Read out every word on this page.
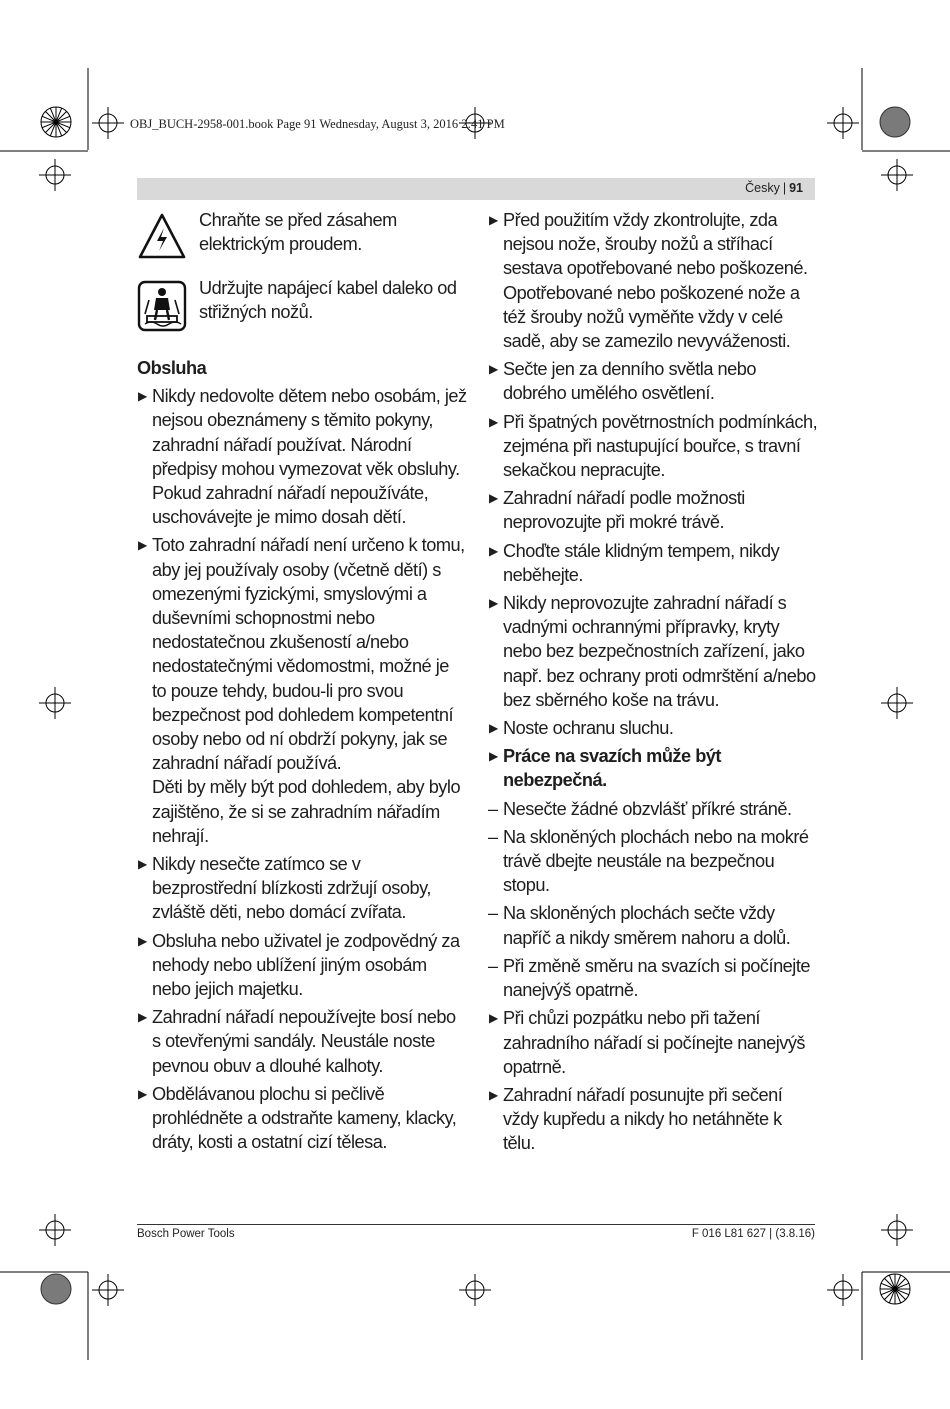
OBJ_BUCH-2958-001.book Page 91 Wednesday, August 3, 2016 2:41 PM
Česky | 91
Chraňte se před zásahem elektrickým proudem.
Udržujte napájecí kabel daleko od střižných nožů.
Obsluha
▶ Nikdy nedovolte dětem nebo osobám, jež nejsou obeznámeny s těmito pokyny, zahradní nářadí používat. Národní předpisy mohou vymezovat věk obsluhy. Pokud zahradní nářadí nepoužíváte, uschovávejte je mimo dosah dětí.
▶ Toto zahradní nářadí není určeno k tomu, aby jej používaly osoby (včetně dětí) s omezenými fyzickými, smyslovými a duševními schopnostmi nebo nedostatečnou zkušeností a/nebo nedostatečnými vědomostmi, možné je to pouze tehdy, budou-li pro svou bezpečnost pod dohledem kompetentní osoby nebo od ní obdrží pokyny, jak se zahradní nářadí používá.
Děti by měly být pod dohledem, aby bylo zajištěno, že si se zahradním nářadím nehrají.
▶ Nikdy nesečte zatímco se v bezprostřední blízkosti zdržují osoby, zvláště děti, nebo domácí zvířata.
▶ Obsluha nebo uživatel je zodpovědný za nehody nebo ublížení jiným osobám nebo jejich majetku.
▶ Zahradní nářadí nepoužívejte bosí nebo s otevřenými sandály. Neustále noste pevnou obuv a dlouhé kalhoty.
▶ Obdělávanou plochu si pečlivě prohlédněte a odstraňte kameny, klacky, dráty, kosti a ostatní cizí tělesa.
▶ Před použitím vždy zkontrolujte, zda nejsou nože, šrouby nožů a stříhací sestava opotřebované nebo poškozené. Opotřebované nebo poškozené nože a též šrouby nožů vyměňte vždy v celé sadě, aby se zamezilo nevyváženosti.
▶ Sečte jen za denního světla nebo dobrého umělého osvětlení.
▶ Při špatných povětrnostních podmínkách, zejména při nastupující bouřce, s travní sekačkou nepracujte.
▶ Zahradní nářadí podle možnosti neprovozujte při mokré trávě.
▶ Choďte stále klidným tempem, nikdy neběhejte.
▶ Nikdy neprovozujte zahradní nářadí s vadnými ochrannými přípravky, kryty nebo bez bezpečnostních zařízení, jako např. bez ochrany proti odmrštění a/nebo bez sběrného koše na trávu.
▶ Noste ochranu sluchu.
▶ Práce na svazích může být nebezpečná.
– Nesečte žádné obzvlášť příkré stráně.
– Na skloněných plochách nebo na mokré trávě dbejte neustále na bezpečnou stopu.
– Na skloněných plochách sečte vždy napříč a nikdy směrem nahoru a dolů.
– Při změně směru na svazích si počínejte nanejvýš opatrně.
▶ Při chůzi pozpátku nebo při tažení zahradního nářadí si počínejte nanejvýš opatrně.
▶ Zahradní nářadí posunujte při sečení vždy kupředu a nikdy ho netáhněte k tělu.
Bosch Power Tools	F 016 L81 627 | (3.8.16)
